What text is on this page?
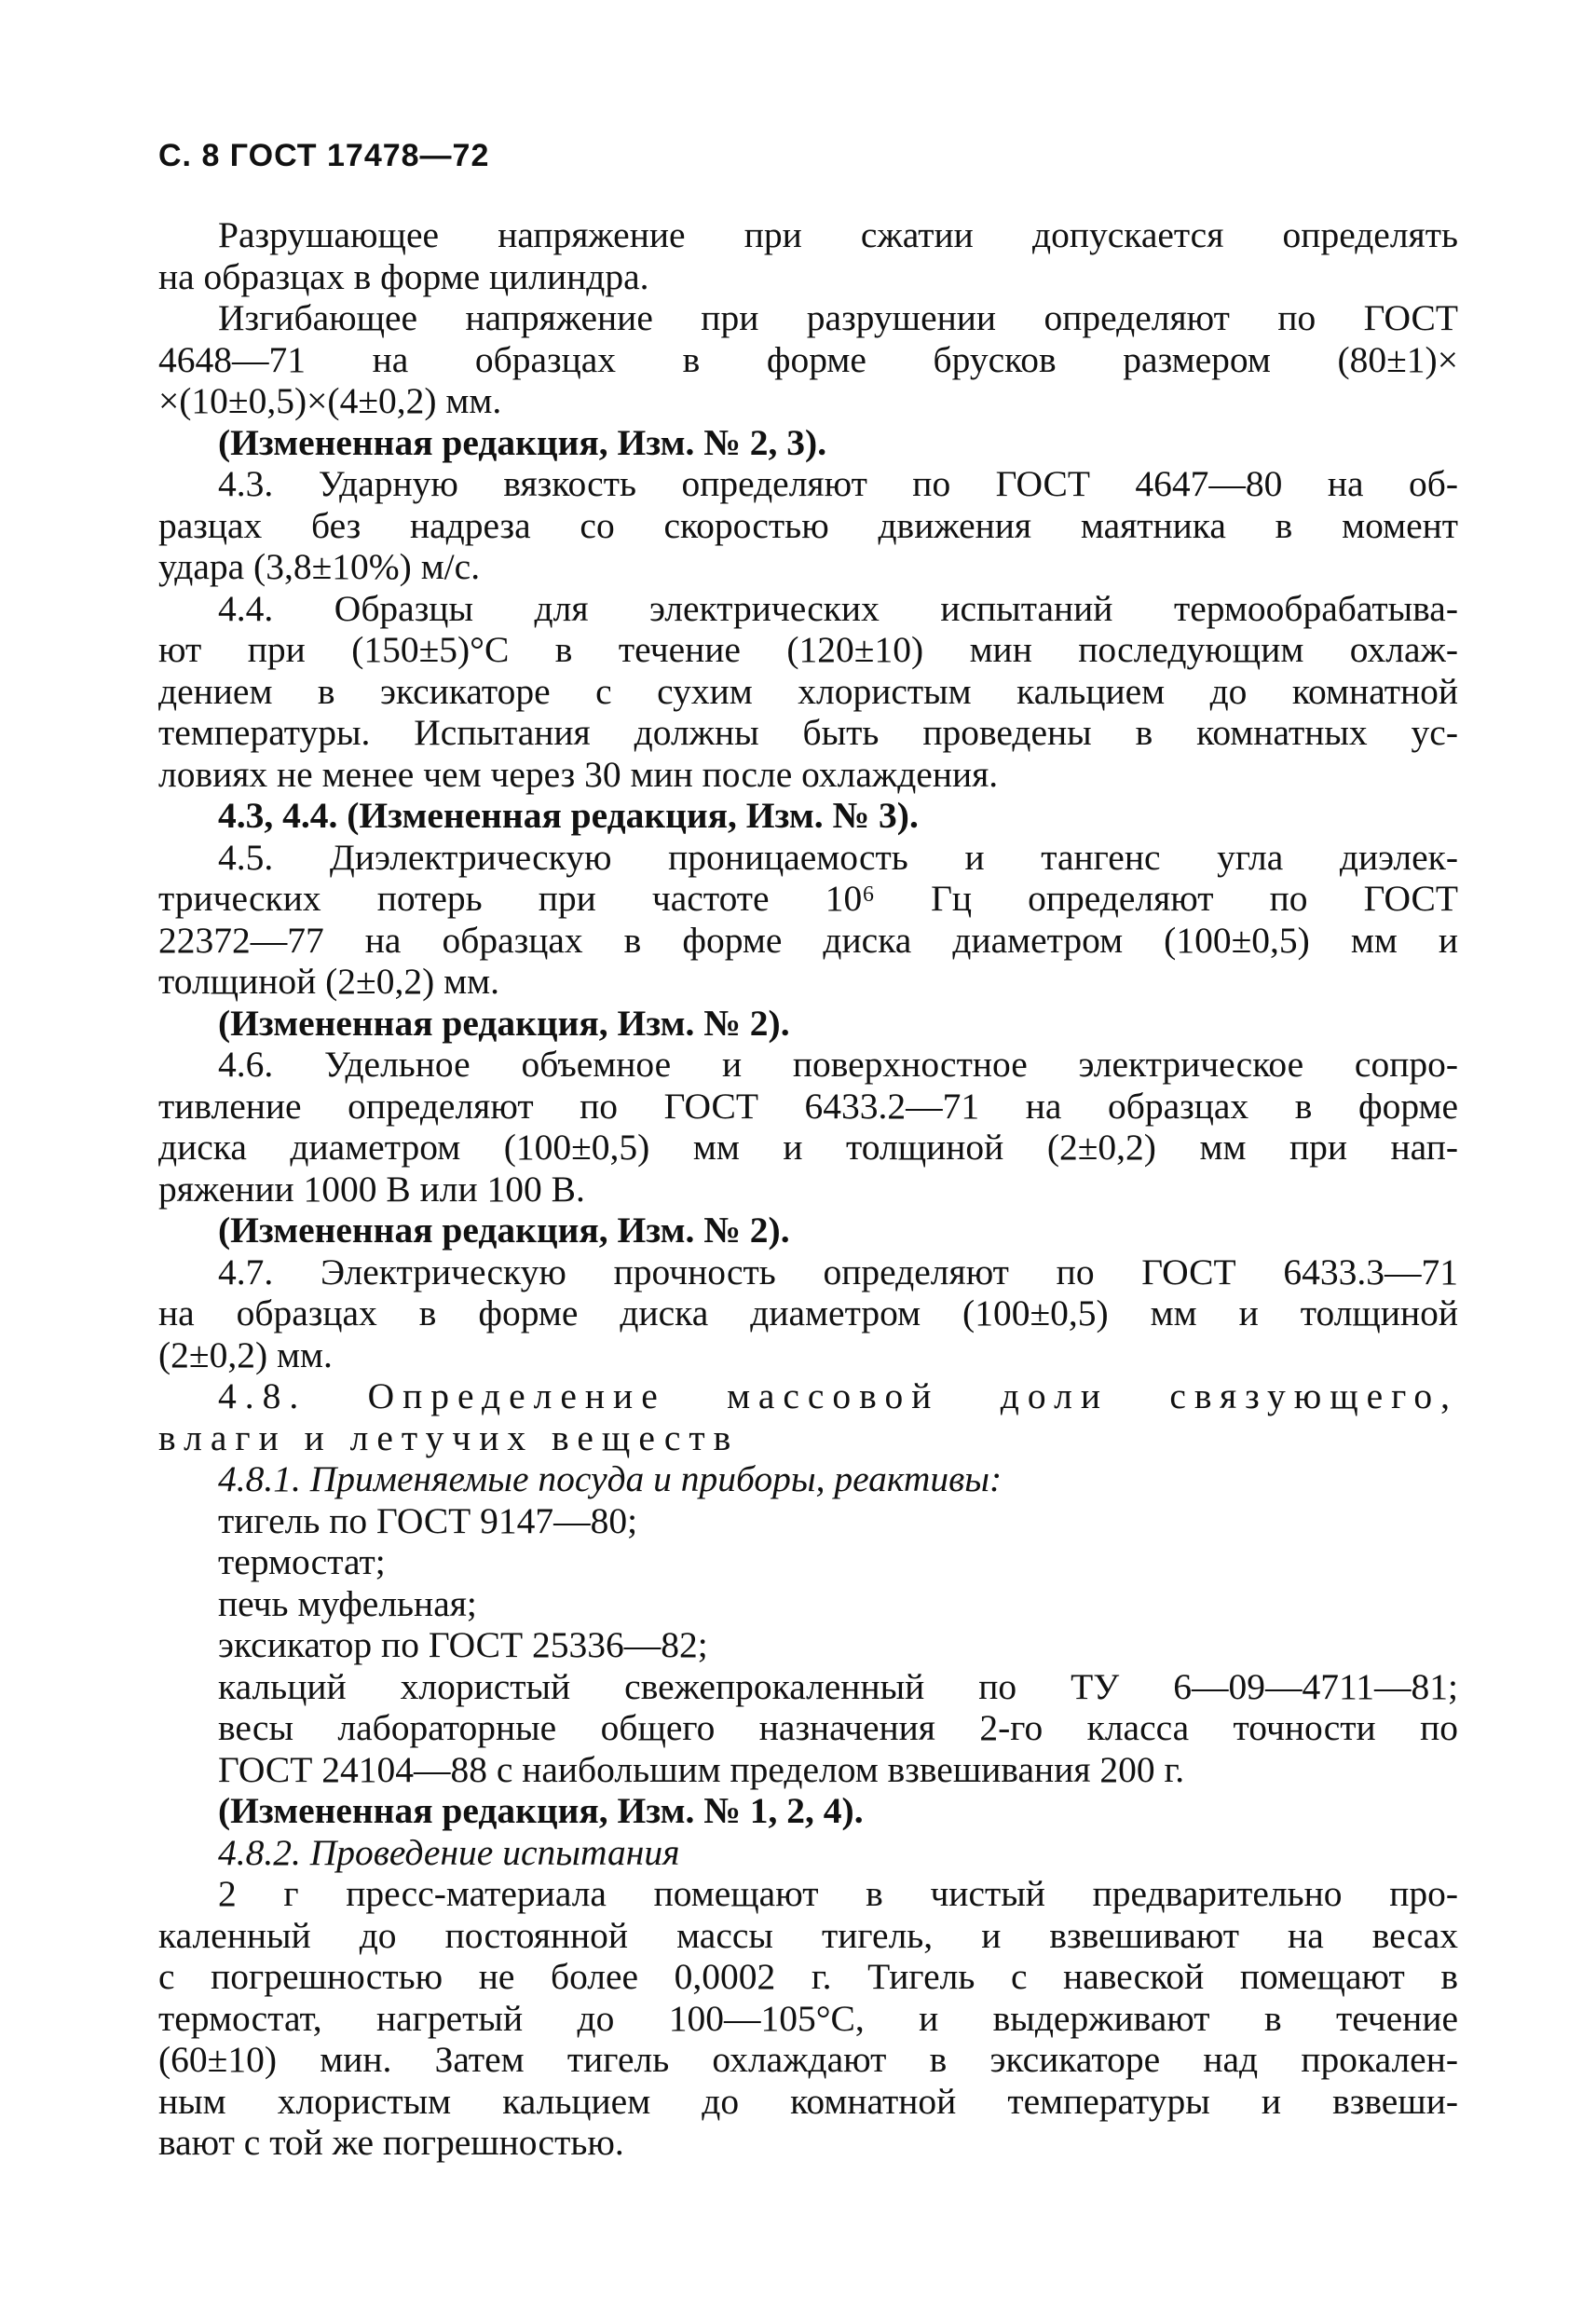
С. 8 ГОСТ 17478—72
Разрушающее напряжение при сжатии допускается определять
на образцах в форме цилиндра.
Изгибающее напряжение при разрушении определяют по ГОСТ
4648—71 на образцах в форме брусков размером (80±1)×
×(10±0,5)×(4±0,2) мм.
(Измененная редакция, Изм. № 2, 3).
4.3. Ударную вязкость определяют по ГОСТ 4647—80 на об-
разцах без надреза со скоростью движения маятника в момент
удара (3,8±10%) м/с.
4.4. Образцы для электрических испытаний термообрабатыва-
ют при (150±5)°С в течение (120±10) мин последующим охлаж-
дением в эксикаторе с сухим хлористым кальцием до комнатной
температуры. Испытания должны быть проведены в комнатных ус-
ловиях не менее чем через 30 мин после охлаждения.
4.3, 4.4. (Измененная редакция, Изм. № 3).
4.5. Диэлектрическую проницаемость и тангенс угла диэлек-
трических потерь при частоте 10⁶ Гц определяют по ГОСТ
22372—77 на образцах в форме диска диаметром (100±0,5) мм и
толщиной (2±0,2) мм.
(Измененная редакция, Изм. № 2).
4.6. Удельное объемное и поверхностное электрическое сопро-
тивление определяют по ГОСТ 6433.2—71 на образцах в форме
диска диаметром (100±0,5) мм и толщиной (2±0,2) мм при нап-
ряжении 1000 В или 100 В.
(Измененная редакция, Изм. № 2).
4.7. Электрическую прочность определяют по ГОСТ 6433.3—71
на образцах в форме диска диаметром (100±0,5) мм и толщиной
(2±0,2) мм.
4.8. Определение массовой доли связующего,
влаги и летучих веществ
4.8.1. Применяемые посуда и приборы, реактивы:
тигель по ГОСТ 9147—80;
термостат;
печь муфельная;
эксикатор по ГОСТ 25336—82;
кальций хлористый свежепрокаленный по ТУ 6—09—4711—81;
весы лабораторные общего назначения 2-го класса точности по
ГОСТ 24104—88 с наибольшим пределом взвешивания 200 г.
(Измененная редакция, Изм. № 1, 2, 4).
4.8.2. Проведение испытания
2 г пресс-материала помещают в чистый предварительно про-
каленный до постоянной массы тигель, и взвешивают на весах
с погрешностью не более 0,0002 г. Тигель с навеской помещают в
термостат, нагретый до 100—105°С, и выдерживают в течение
(60±10) мин. Затем тигель охлаждают в эксикаторе над прокален-
ным хлористым кальцием до комнатной температуры и взвеши-
вают с той же погрешностью.
